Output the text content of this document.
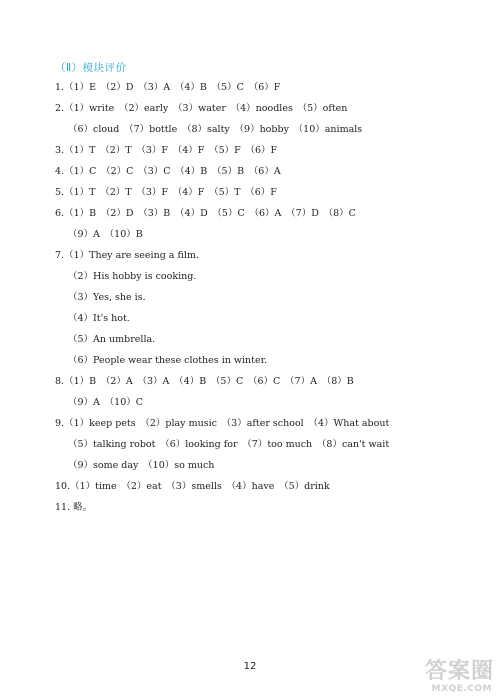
（Ⅱ）模块评价
1.（1）E　（2）D　（3）A　（4）B　（5）C　（6）F
2.（1）write　（2）early　（3）water　（4）noodles　（5）often
（6）cloud　（7）bottle　（8）salty　（9）hobby　（10）animals
3.（1）T　（2）T　（3）F　（4）F　（5）F　（6）F
4.（1）C　（2）C　（3）C　（4）B　（5）B　（6）A
5.（1）T　（2）T　（3）F　（4）F　（5）T　（6）F
6.（1）B　（2）D　（3）B　（4）D　（5）C　（6）A　（7）D　（8）C
（9）A　（10）B
7.（1）They are seeing a film.
（2）His hobby is cooking.
（3）Yes, she is.
（4）It's hot.
（5）An umbrella.
（6）People wear these clothes in winter.
8.（1）B　（2）A　（3）A　（4）B　（5）C　（6）C　（7）A　（8）B
（9）A　（10）C
9.（1）keep pets　（2）play music　（3）after school　（4）What about
（5）talking robot　（6）looking for　（7）too much　（8）can't wait
（9）some day　（10）so much
10.（1）time　（2）eat　（3）smells　（4）have　（5）drink
11. 略。
12	答案圈
MXQE.COM
